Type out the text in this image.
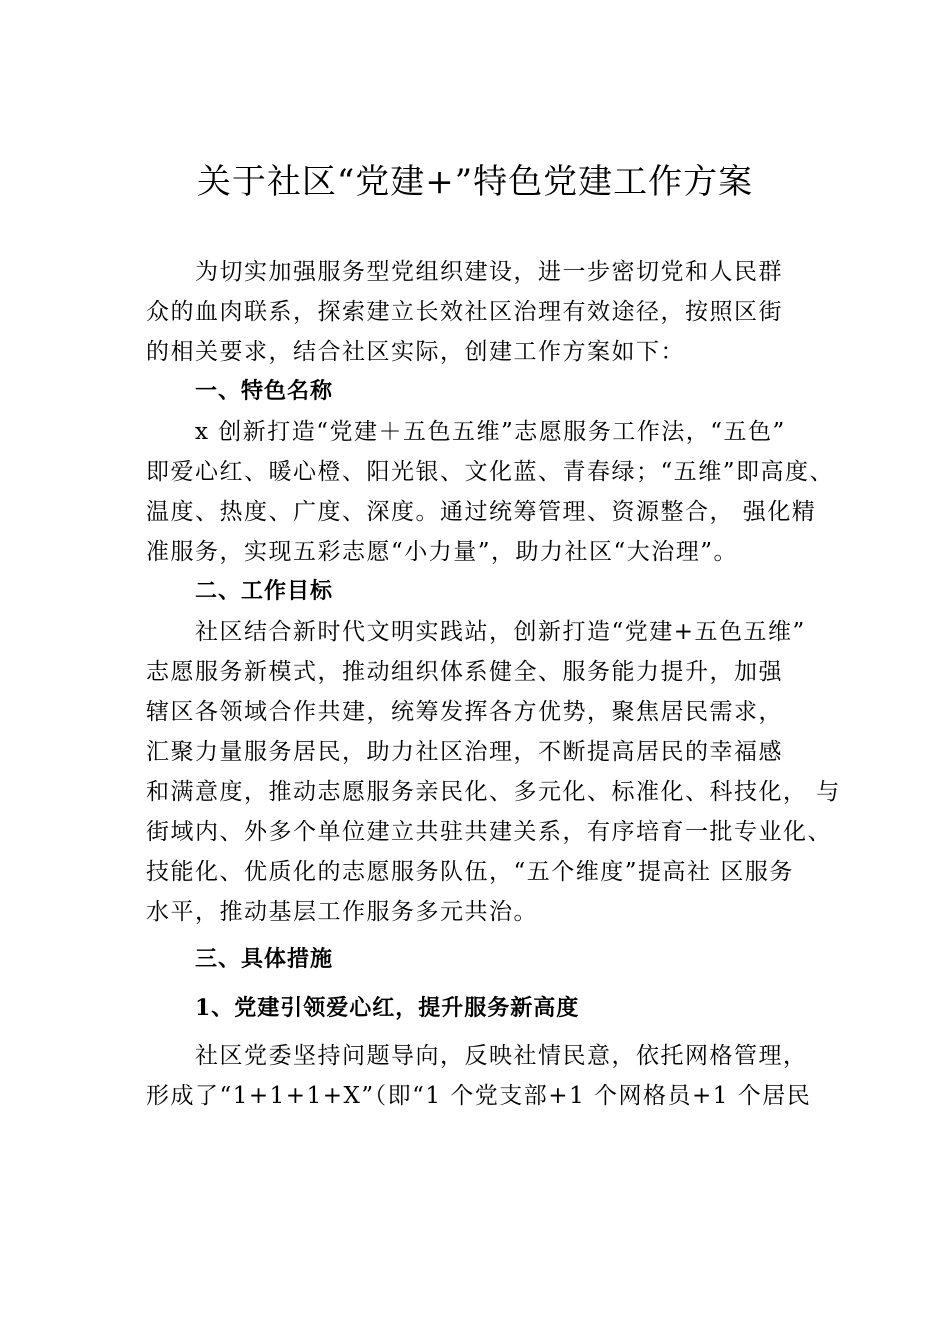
关于社区“党建+”特色党建工作方案
为切实加强服务型党组织建设，进一步密切党和人民群
众的血肉联系，探索建立长效社区治理有效途径，按照区街
的相关要求，结合社区实际，创建工作方案如下：
一、特色名称
x 创新打造“党建＋五色五维”志愿服务工作法，“五色”
即爱心红、暖心橙、阳光银、文化蓝、青春绿；“五维”即高度、
温度、热度、广度、深度。通过统筹管理、资源整合， 强化精
准服务，实现五彩志愿“小力量”，助力社区“大治理”。
二、工作目标
社区结合新时代文明实践站，创新打造“党建+五色五维”
志愿服务新模式，推动组织体系健全、服务能力提升，加强
辖区各领域合作共建，统筹发挥各方优势，聚焦居民需求，
汇聚力量服务居民，助力社区治理，不断提高居民的幸福感
和满意度，推动志愿服务亲民化、多元化、标准化、科技化， 与
街域内、外多个单位建立共驻共建关系，有序培育一批专业化、
技能化、优质化的志愿服务队伍，“五个维度”提高社 区服务
水平，推动基层工作服务多元共治。
三、具体措施
1、党建引领爱心红，提升服务新高度
社区党委坚持问题导向，反映社情民意，依托网格管理，
形成了“1+1+1+X”（即“1 个党支部+1 个网格员+1 个居民
